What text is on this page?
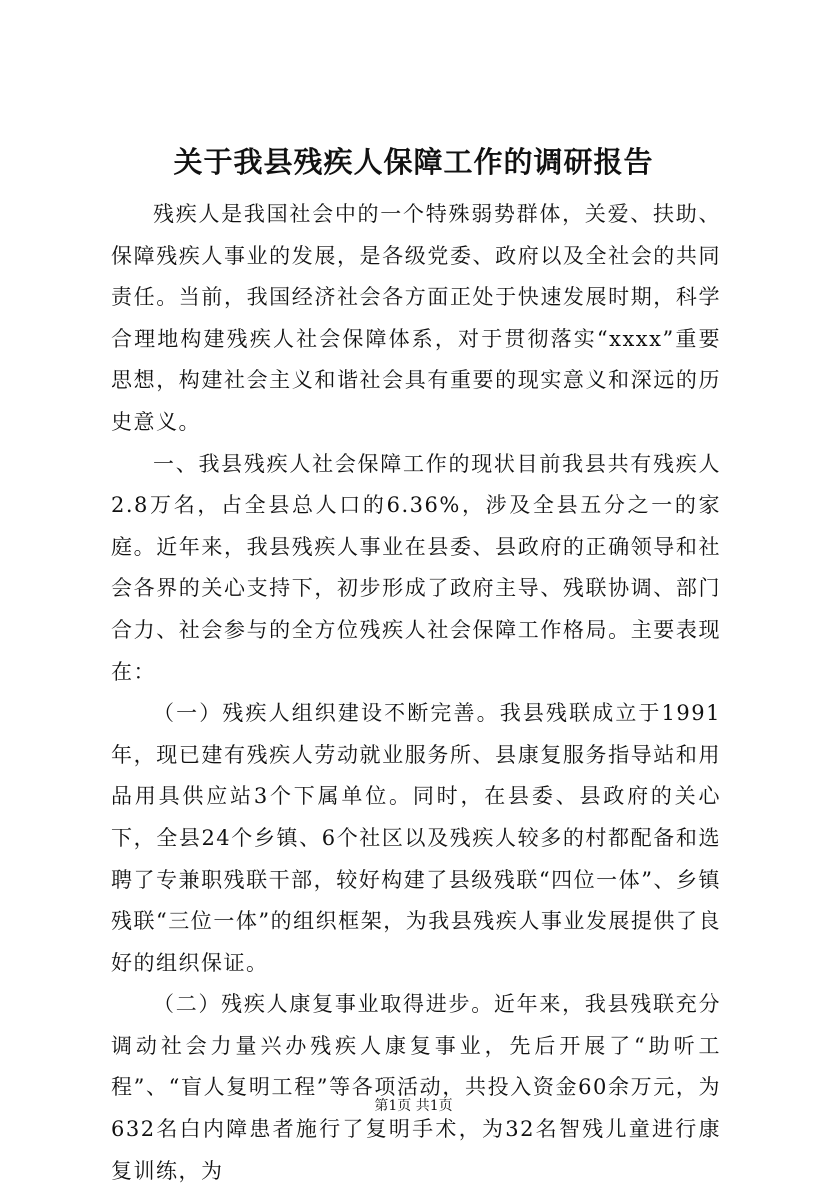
关于我县残疾人保障工作的调研报告

残疾人是我国社会中的一个特殊弱势群体，关爱、扶助、保障残疾人事业的发展，是各级党委、政府以及全社会的共同责任。当前，我国经济社会各方面正处于快速发展时期，科学合理地构建残疾人社会保障体系，对于贯彻落实“xxxx”重要思想，构建社会主义和谐社会具有重要的现实意义和深远的历史意义。

一、我县残疾人社会保障工作的现状目前我县共有残疾人2.8万名，占全县总人口的6.36%，涉及全县五分之一的家庭。近年来，我县残疾人事业在县委、县政府的正确领导和社会各界的关心支持下，初步形成了政府主导、残联协调、部门合力、社会参与的全方位残疾人社会保障工作格局。主要表现在：

（一）残疾人组织建设不断完善。我县残联成立于1991年，现已建有残疾人劳动就业服务所、县康复服务指导站和用品用具供应站3个下属单位。同时，在县委、县政府的关心下，全县24个乡镇、6个社区以及残疾人较多的村都配备和选聘了专兼职残联干部，较好构建了县级残联“四位一体”、乡镇残联“三位一体”的组织框架，为我县残疾人事业发展提供了良好的组织保证。

（二）残疾人康复事业取得进步。近年来，我县残联充分调动社会力量兴办残疾人康复事业，先后开展了“助听工程”、“盲人复明工程”等各项活动，共投入资金60余万元，为632名白内障患者施行了复明手术，为32名智残儿童进行康复训练，为

第1页 共1页
